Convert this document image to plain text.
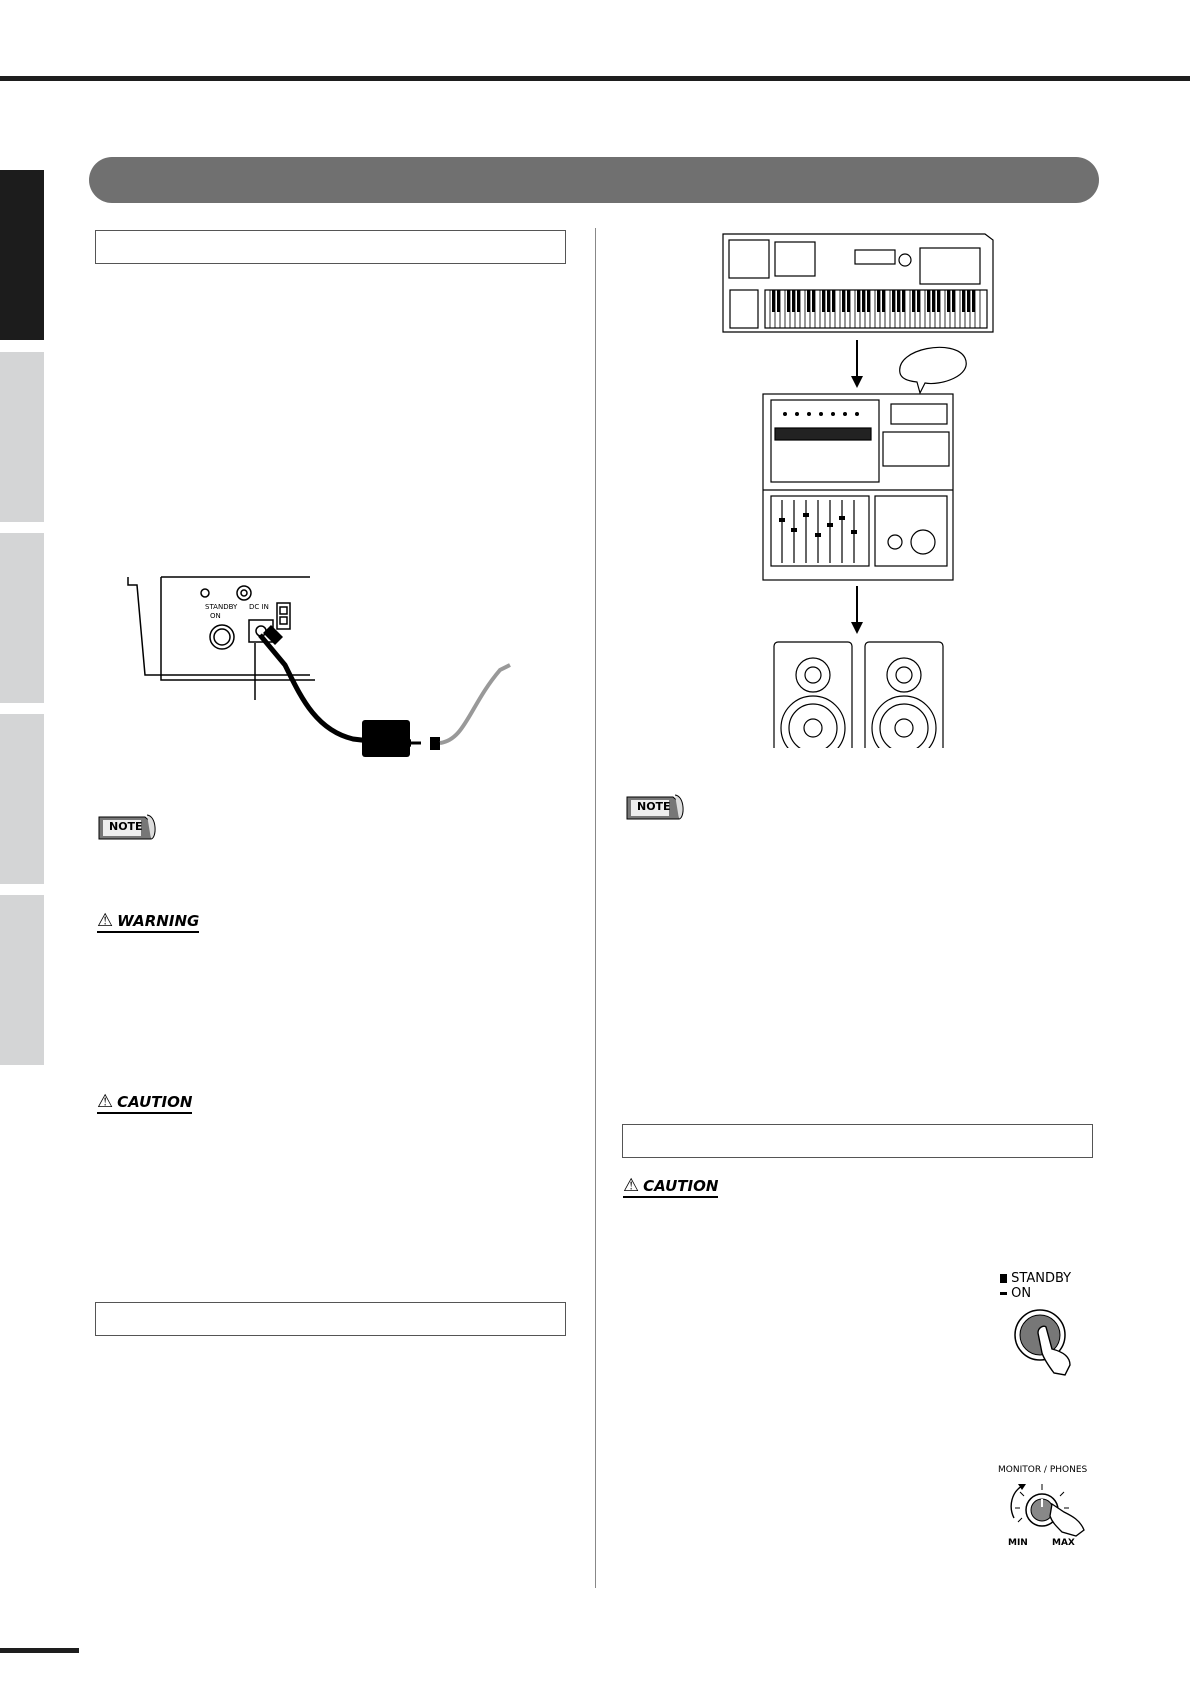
STANDBY
ON
DC IN
NOTE
NOTE
⚠ WARNING
⚠ CAUTION
⚠ CAUTION
STANDBY
ON
MONITOR / PHONES
MIN	MAX
